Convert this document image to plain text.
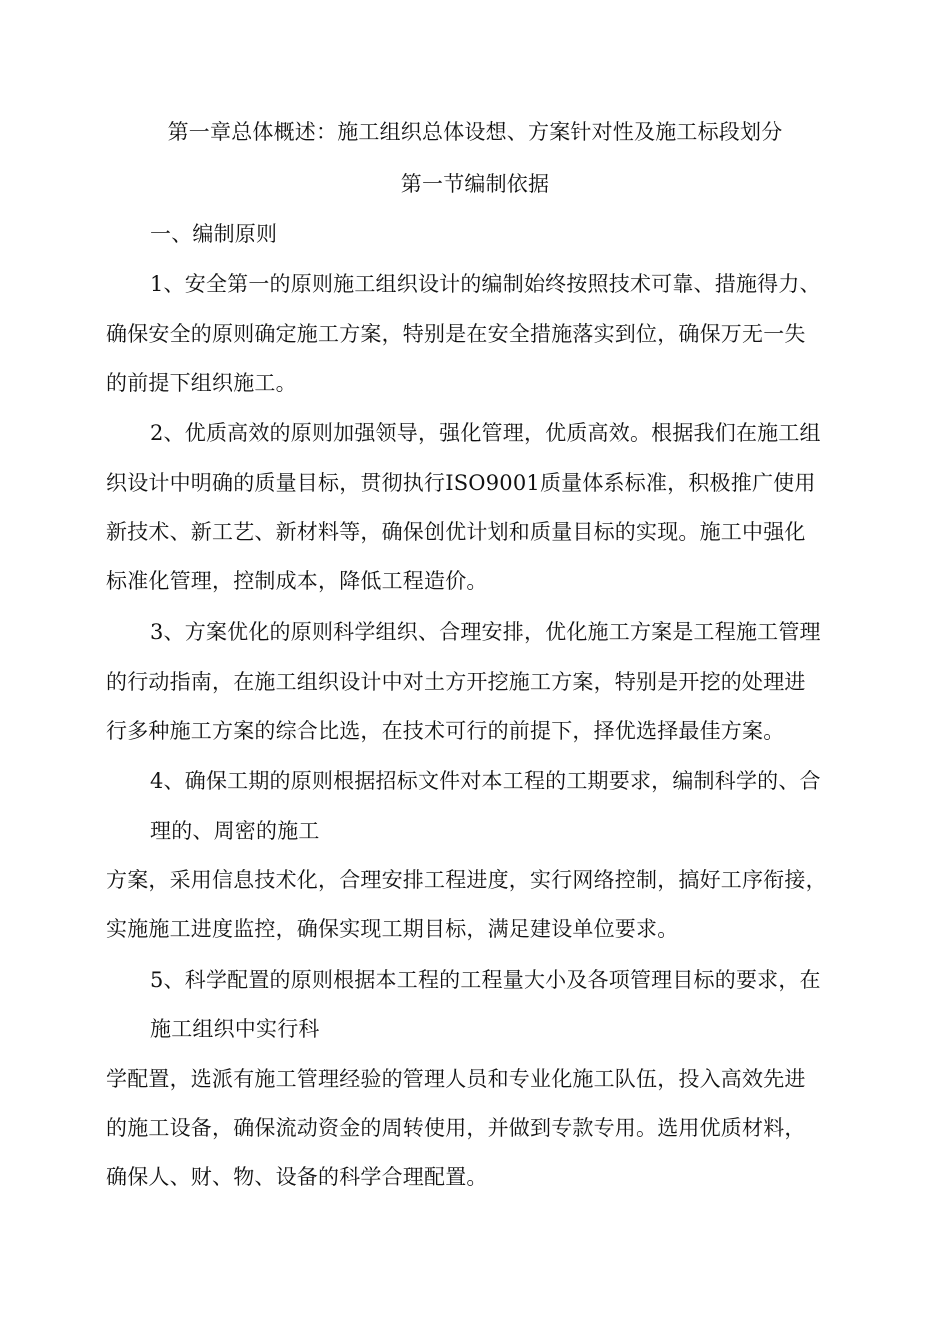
第一章总体概述：施工组织总体设想、方案针对性及施工标段划分
第一节编制依据
一、编制原则
1、安全第一的原则施工组织设计的编制始终按照技术可靠、措施得力、
确保安全的原则确定施工方案，特别是在安全措施落实到位，确保万无一失
的前提下组织施工。
2、优质高效的原则加强领导，强化管理，优质高效。根据我们在施工组
织设计中明确的质量目标，贯彻执行ISO9001质量体系标准，积极推广使用
新技术、新工艺、新材料等，确保创优计划和质量目标的实现。施工中强化
标准化管理，控制成本，降低工程造价。
3、方案优化的原则科学组织、合理安排，优化施工方案是工程施工管理
的行动指南，在施工组织设计中对土方开挖施工方案，特别是开挖的处理进
行多种施工方案的综合比选，在技术可行的前提下，择优选择最佳方案。
4、确保工期的原则根据招标文件对本工程的工期要求，编制科学的、合
理的、周密的施工
方案，采用信息技术化，合理安排工程进度，实行网络控制，搞好工序衔接，
实施施工进度监控，确保实现工期目标，满足建设单位要求。
5、科学配置的原则根据本工程的工程量大小及各项管理目标的要求，在
施工组织中实行科
学配置，选派有施工管理经验的管理人员和专业化施工队伍，投入高效先进
的施工设备，确保流动资金的周转使用，并做到专款专用。选用优质材料，
确保人、财、物、设备的科学合理配置。
